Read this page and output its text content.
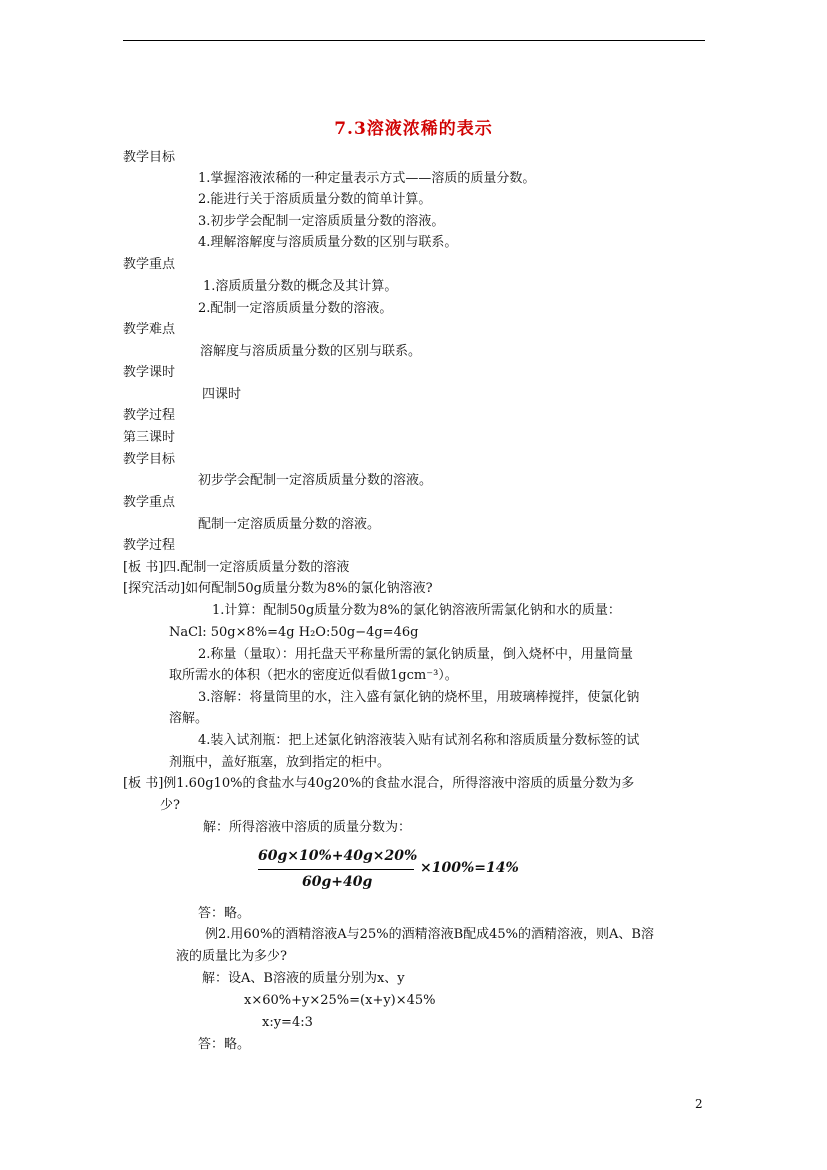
7.3溶液浓稀的表示
教学目标
1.掌握溶液浓稀的一种定量表示方式——溶质的质量分数。
2.能进行关于溶质质量分数的简单计算。
3.初步学会配制一定溶质质量分数的溶液。
4.理解溶解度与溶质质量分数的区别与联系。
教学重点
1.溶质质量分数的概念及其计算。
2.配制一定溶质质量分数的溶液。
教学难点
溶解度与溶质质量分数的区别与联系。
教学课时
四课时
教学过程
第三课时
教学目标
初步学会配制一定溶质质量分数的溶液。
教学重点
配制一定溶质质量分数的溶液。
教学过程
[板 书]四.配制一定溶质质量分数的溶液
[探究活动]如何配制50g质量分数为8%的氯化钠溶液?
1.计算：配制50g质量分数为8%的氯化钠溶液所需氯化钠和水的质量：
NaCl: 50g×8%=4g H₂O:50g−4g=46g
2.称量（量取）：用托盘天平称量所需的氯化钠质量，倒入烧杯中，用量筒量
取所需水的体积（把水的密度近似看做1gcm⁻³）。
3.溶解：将量筒里的水，注入盛有氯化钠的烧杯里，用玻璃棒搅拌，使氯化钠
溶解。
4.装入试剂瓶：把上述氯化钠溶液装入贴有试剂名称和溶质质量分数标签的试
剂瓶中，盖好瓶塞，放到指定的柜中。
[板 书]例1.60g10%的食盐水与40g20%的食盐水混合，所得溶液中溶质的质量分数为多
少?
解：所得溶液中溶质的质量分数为：
答：略。
例2.用60%的酒精溶液A与25%的酒精溶液B配成45%的酒精溶液，则A、B溶
液的质量比为多少?
解：设A、B溶液的质量分别为x、y
x×60%+y×25%=(x+y)×45%
x:y=4:3
答：略。
60g×10%+40g×20%
60g+40g
×100%=14%
2
